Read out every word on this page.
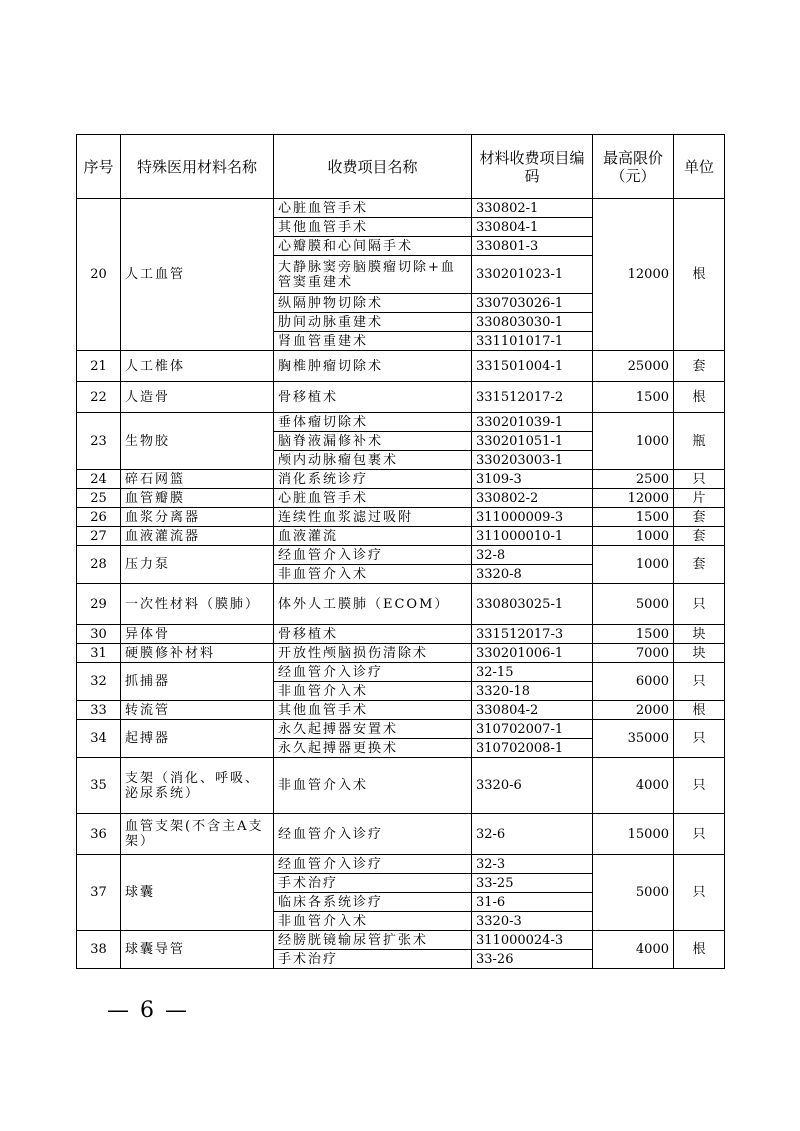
序号	特殊医用材料名称	收费项目名称	材料收费项目编码	最高限价（元）	单位
20	人工血管	心脏血管手术	330802-1	12000	根
		其他血管手术	330804-1		
		心瓣膜和心间隔手术	330801-3		
		大静脉窦旁脑膜瘤切除+血管窦重建术	330201023-1		
		纵隔肿物切除术	330703026-1		
		肋间动脉重建术	330803030-1		
		肾血管重建术	331101017-1		
21	人工椎体	胸椎肿瘤切除术	331501004-1	25000	套
22	人造骨	骨移植术	331512017-2	1500	根
23	生物胶	垂体瘤切除术	330201039-1	1000	瓶
		脑脊液漏修补术	330201051-1		
		颅内动脉瘤包裹术	330203003-1		
24	碎石网篮	消化系统诊疗	3109-3	2500	只
25	血管瓣膜	心脏血管手术	330802-2	12000	片
26	血浆分离器	连续性血浆滤过吸附	311000009-3	1500	套
27	血液灌流器	血液灌流	311000010-1	1000	套
28	压力泵	经血管介入诊疗	32-8	1000	套
		非血管介入术	3320-8		
29	一次性材料（膜肺）	体外人工膜肺（ECOM）	330803025-1	5000	只
30	异体骨	骨移植术	331512017-3	1500	块
31	硬膜修补材料	开放性颅脑损伤清除术	330201006-1	7000	块
32	抓捕器	经血管介入诊疗	32-15	6000	只
		非血管介入术	3320-18		
33	转流管	其他血管手术	330804-2	2000	根
34	起搏器	永久起搏器安置术	310702007-1	35000	只
		永久起搏器更换术	310702008-1		
35	支架（消化、呼吸、泌尿系统）	非血管介入术	3320-6	4000	只
36	血管支架(不含主A支架）	经血管介入诊疗	32-6	15000	只
37	球囊	经血管介入诊疗	32-3	5000	只
		手术治疗	33-25		
		临床各系统诊疗	31-6		
		非血管介入术	3320-3		
38	球囊导管	经膀胱镜输尿管扩张术	311000024-3	4000	根
		手术治疗	33-26		
— 6 —
